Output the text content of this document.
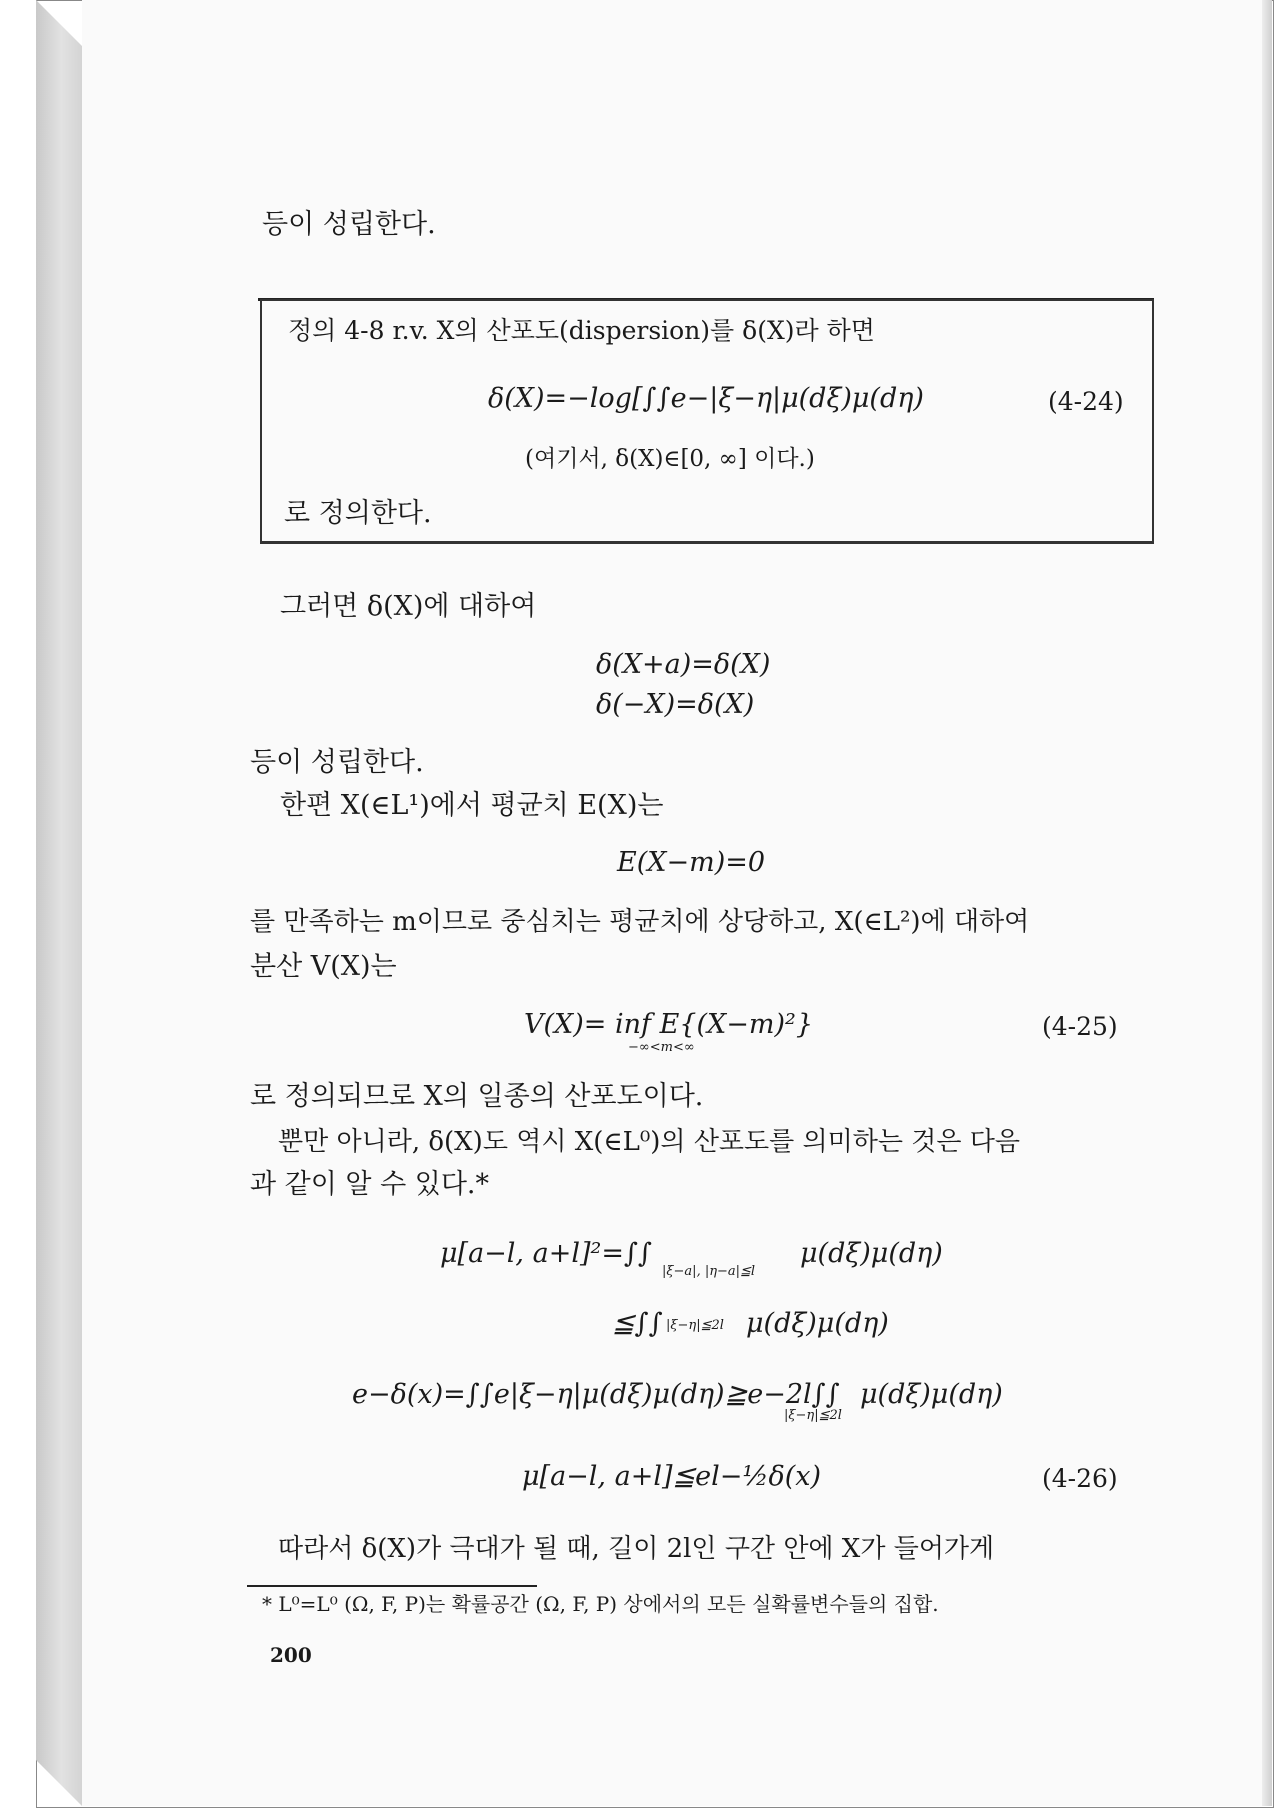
등이 성립한다.
정의 4-8 r.v. X의 산포도(dispersion)를 δ(X)라 하면
δ(X)=−log[∫∫e−|ξ−η|μ(dξ)μ(dη)	(4-24)
(여기서, δ(X)∈[0, ∞] 이다.)
로 정의한다.
그러면 δ(X)에 대하여
δ(X+a)=δ(X)
δ(−X)=δ(X)
등이 성립한다.
한편 X(∈L¹)에서 평균치 E(X)는
E(X−m)=0
를 만족하는 m이므로 중심치는 평균치에 상당하고, X(∈L²)에 대하여
분산 V(X)는
V(X)= inf E{(X−m)²}
−∞<m<∞
(4-25)
로 정의되므로 X의 일종의 산포도이다.
뿐만 아니라, δ(X)도 역시 X(∈L⁰)의 산포도를 의미하는 것은 다음
과 같이 알 수 있다.*
μ[a−l, a+l]²=∫∫
|ξ−a|, |η−a|≦l
μ(dξ)μ(dη)
≦∫∫ |ξ−η|≦2l μ(dξ)μ(dη)
e−δ(x)=∫∫e|ξ−η|μ(dξ)μ(dη)≧e−2l∫∫
|ξ−η|≦2l
μ(dξ)μ(dη)
μ[a−l, a+l]≦el−½δ(x)	(4-26)
따라서 δ(X)가 극대가 될 때, 길이 2l인 구간 안에 X가 들어가게
* L⁰=L⁰ (Ω, F, P)는 확률공간 (Ω, F, P) 상에서의 모든 실확률변수들의 집합.
200
